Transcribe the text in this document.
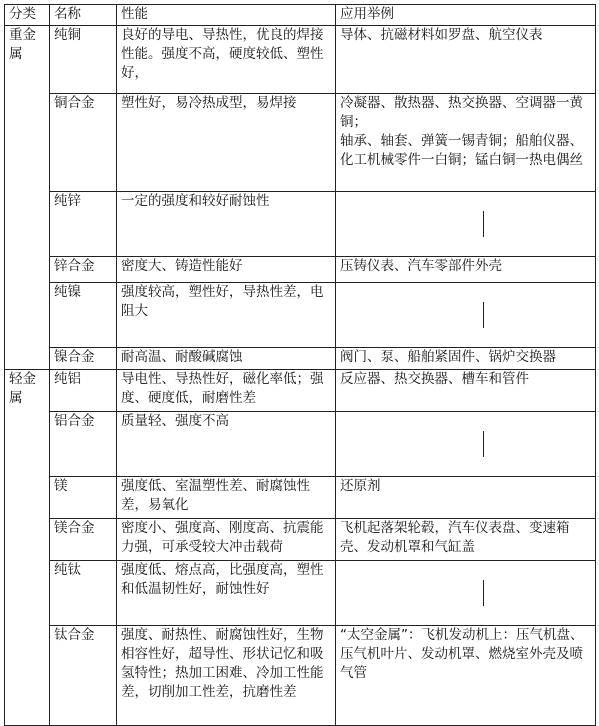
分类	名称	性能	应用举例
重金
属	纯铜	良好的导电、导热性，优良的焊接性能。强度不高，硬度较低、塑性好，	导体、抗磁材料如罗盘、航空仪表
	铜合金	塑性好，易冷热成型，易焊接	冷凝器、散热器、热交换器、空调器一黄铜；
轴承、轴套、弹簧一锡青铜；船舶仪器、化工机械零件一白铜；锰白铜一热电偶丝
	纯锌	一定的强度和较好耐蚀性	

	锌合金	密度大、铸造性能好	压铸仪表、汽车零部件外壳
	纯镍	强度较高，塑性好，导热性差，电阻大	

	镍合金	耐高温、耐酸碱腐蚀	阀门、泵、船舶紧固件、锅炉交换器
轻金
属	纯铝	导电性、导热性好，磁化率低；强度、硬度低，耐磨性差	反应器、热交换器、槽车和管件
	铝合金	质量轻、强度不高	

	镁	强度低、室温塑性差、耐腐蚀性差，易氧化	还原剂
	镁合金	密度小、强度高、刚度高、抗震能力强，可承受较大冲击载荷	飞机起落架轮毂，汽车仪表盘、变速箱壳、发动机罩和气缸盖
	纯钛	强度低、熔点高，比强度高，塑性和低温韧性好，耐蚀性好	

	钛合金	强度、耐热性、耐腐蚀性好，生物相容性好，超导性、形状记忆和吸氢特性；热加工困难、冷加工性能差，切削加工性差，抗磨性差	“太空金属”：飞机发动机上：压气机盘、压气机叶片、发动机罩、燃烧室外壳及喷气管
